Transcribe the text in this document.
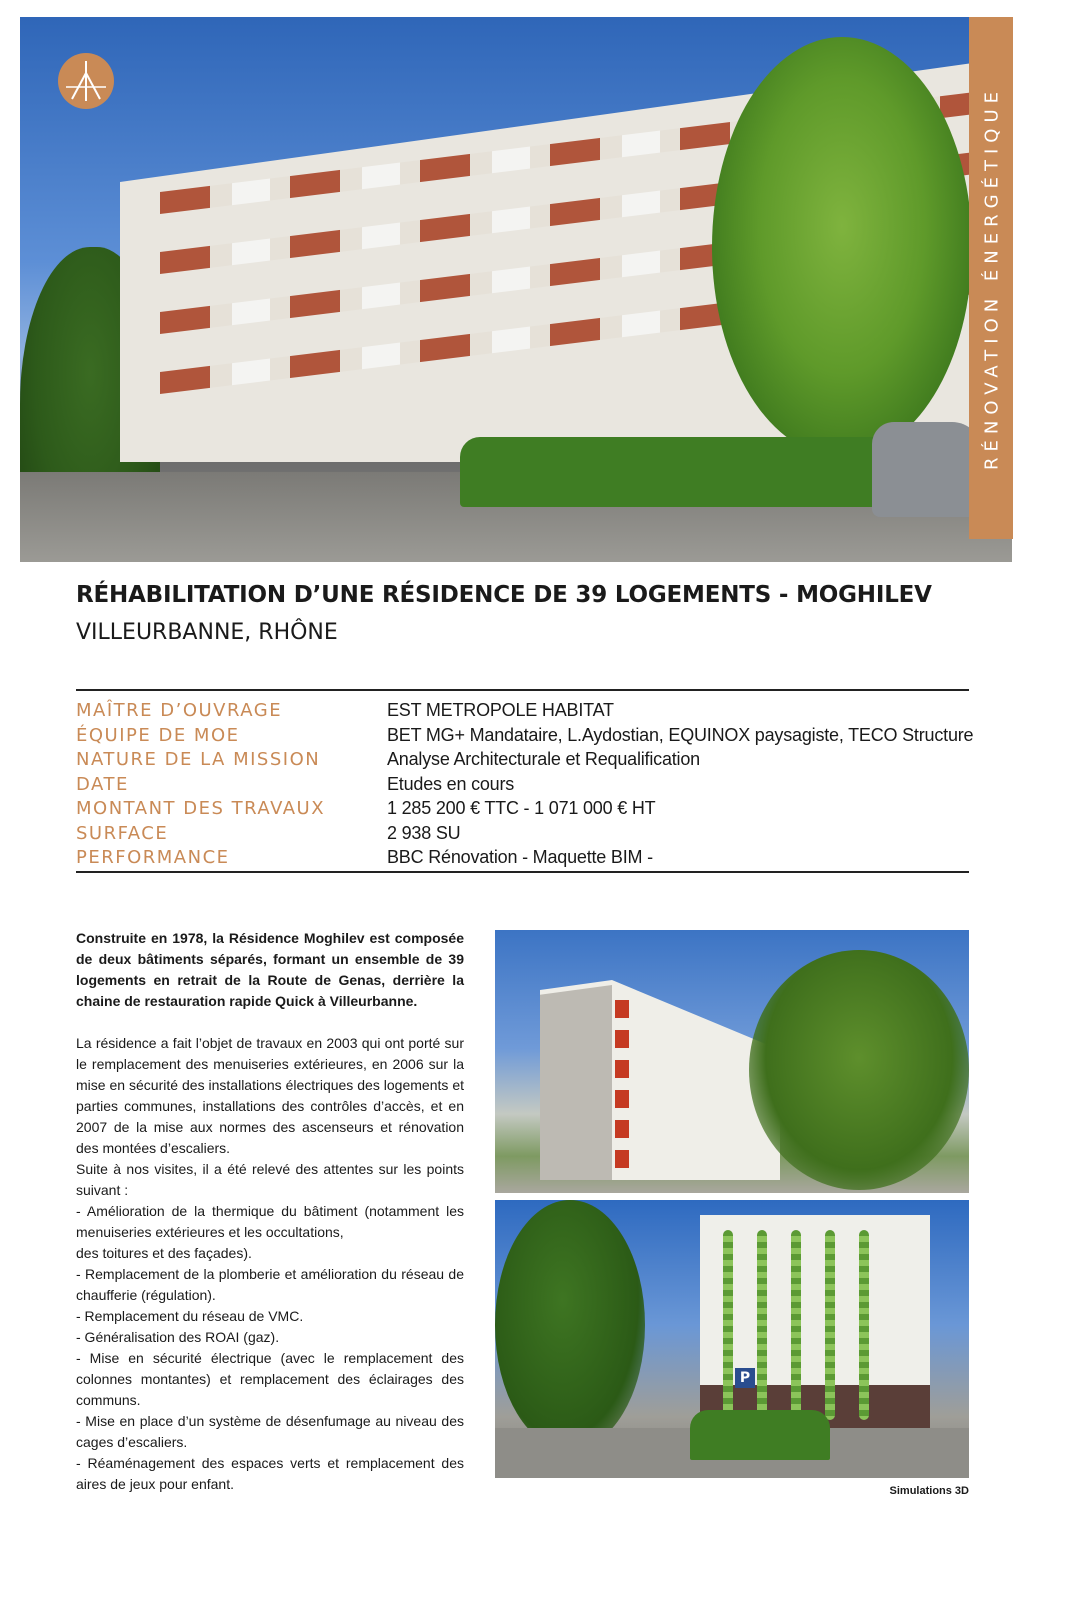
RÉNOVATION ÉNERGÉTIQUE
RÉHABILITATION D’UNE RÉSIDENCE DE 39 LOGEMENTS - MOGHILEV
VILLEURBANNE, RHÔNE
MAÎTRE D’OUVRAGE	EST METROPOLE HABITAT
ÉQUIPE DE MOE	BET MG+ Mandataire, L.Aydostian, EQUINOX paysagiste, TECO Structure
NATURE DE LA MISSION	Analyse Architecturale et Requalification
DATE	Etudes en cours
MONTANT DES TRAVAUX	1 285 200 € TTC - 1 071 000 € HT
SURFACE	2 938 SU
PERFORMANCE	BBC Rénovation - Maquette BIM -

Construite en 1978, la Résidence Moghilev est composée de deux bâtiments séparés, formant un ensemble de 39 logements en retrait de la Route de Genas, derrière la chaine de restauration rapide Quick à Villeurbanne.

La résidence a fait l’objet de travaux en 2003 qui ont porté sur le remplacement des menuiseries extérieures, en 2006 sur la mise en sécurité des installations électriques des logements et parties communes, installations des contrôles d’accès, et en 2007 de la mise aux normes des ascenseurs et rénovation des montées d’escaliers.

Suite à nos visites, il a été relevé des attentes sur les points suivant :

- Amélioration de la thermique du bâtiment (notamment les menuiseries extérieures et les occultations,
des toitures et des façades).
- Remplacement de la plomberie et amélioration du réseau de chaufferie (régulation).
- Remplacement du réseau de VMC.
- Généralisation des ROAI (gaz).
- Mise en sécurité électrique (avec le remplacement des colonnes montantes) et remplacement des éclairages des communs.
- Mise en place d’un système de désenfumage au niveau des cages d’escaliers.
- Réaménagement des espaces verts et remplacement des aires de jeux pour enfant.
P
Simulations 3D
